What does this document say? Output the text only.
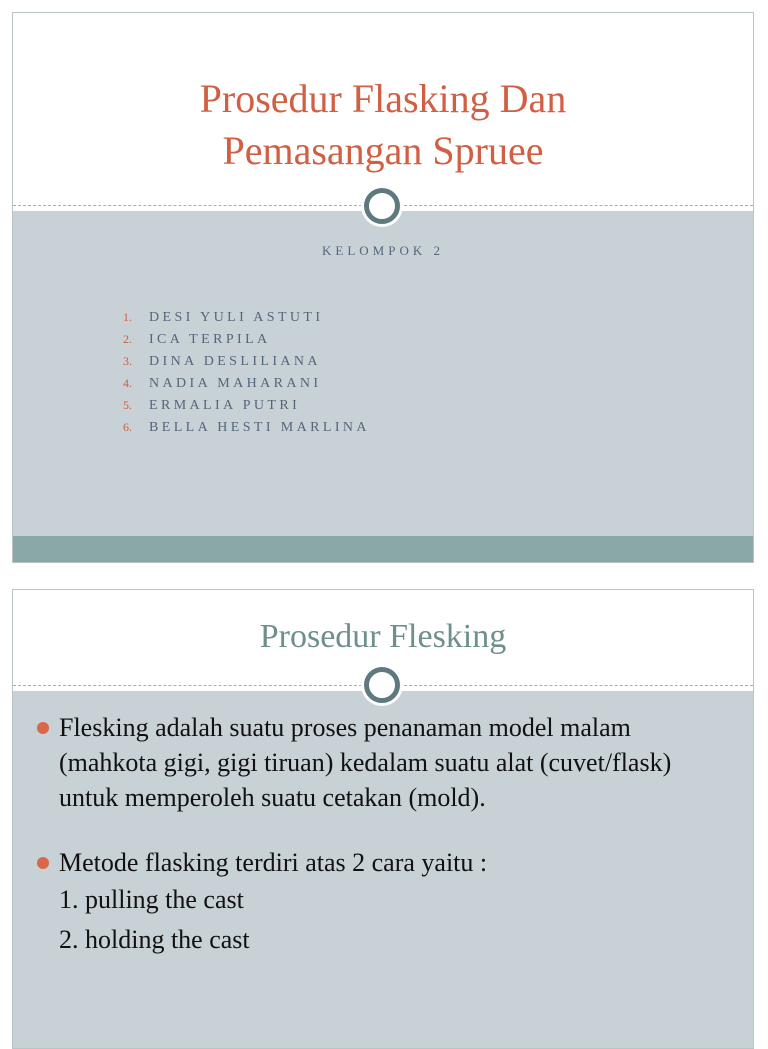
Prosedur Flasking Dan
Pemasangan Spruee
KELOMPOK 2
1. DESI YULI ASTUTI
2. ICA TERPILA
3. DINA DESLILIANA
4. NADIA MAHARANI
5. ERMALIA PUTRI
6. BELLA HESTI MARLINA
Prosedur Flesking
Flesking adalah suatu proses penanaman model malam (mahkota gigi, gigi tiruan) kedalam suatu alat (cuvet/flask) untuk memperoleh suatu cetakan (mold).
Metode flasking terdiri atas 2 cara yaitu :
1. pulling the cast
2. holding the cast
